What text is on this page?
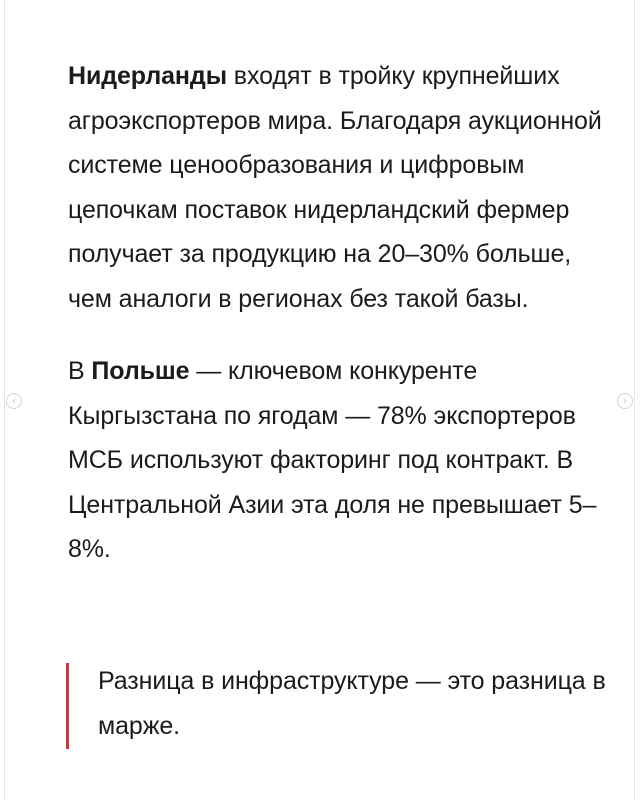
‹	›

Нидерланды входят в тройку крупнейших агроэкспортеров мира. Благодаря аукционной системе ценообразования и цифровым цепочкам поставок нидерландский фермер получает за продукцию на 20–30% больше, чем аналоги в регионах без такой базы.

В Польше — ключевом конкуренте Кыргызстана по ягодам — 78% экспортеров МСБ используют факторинг под контракт. В Центральной Азии эта доля не превышает 5–8%.

Разница в инфраструктуре — это разница в марже.
